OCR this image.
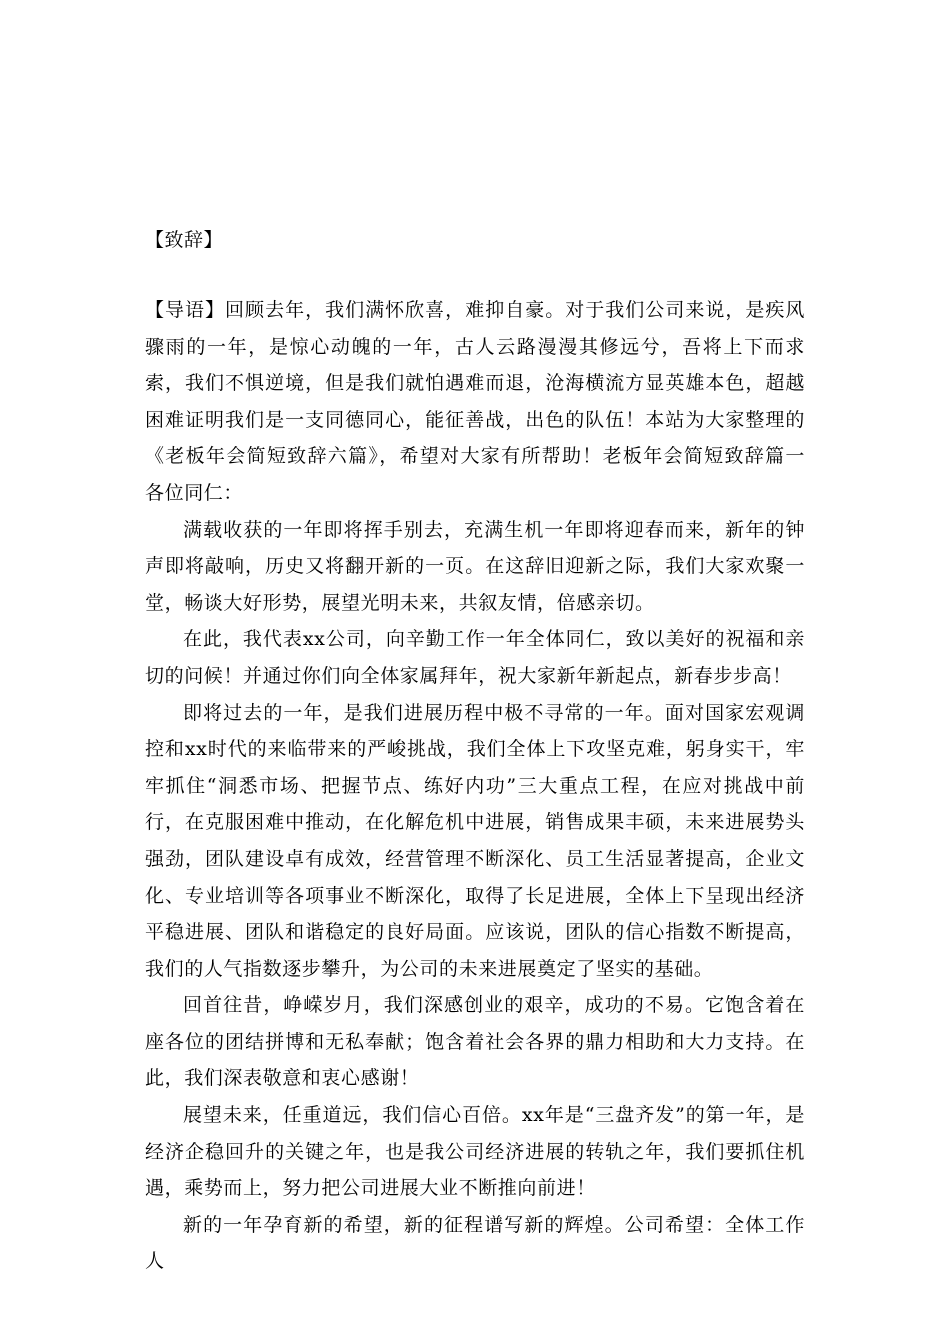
【致辞】

【导语】回顾去年，我们满怀欣喜，难抑自豪。对于我们公司来说，是疾风骤雨的一年，是惊心动魄的一年，古人云路漫漫其修远兮，吾将上下而求索，我们不惧逆境，但是我们就怕遇难而退，沧海横流方显英雄本色，超越困难证明我们是一支同德同心，能征善战，出色的队伍！本站为大家整理的《老板年会简短致辞六篇》，希望对大家有所帮助！老板年会简短致辞篇一　　各位同仁：

满载收获的一年即将挥手别去，充满生机一年即将迎春而来，新年的钟声即将敲响，历史又将翻开新的一页。在这辞旧迎新之际，我们大家欢聚一堂，畅谈大好形势，展望光明未来，共叙友情，倍感亲切。

在此，我代表xx公司，向辛勤工作一年全体同仁，致以美好的祝福和亲切的问候！并通过你们向全体家属拜年，祝大家新年新起点，新春步步高！

即将过去的一年，是我们进展历程中极不寻常的一年。面对国家宏观调控和xx时代的来临带来的严峻挑战，我们全体上下攻坚克难，躬身实干，牢牢抓住“洞悉市场、把握节点、练好内功”三大重点工程，在应对挑战中前行，在克服困难中推动，在化解危机中进展，销售成果丰硕，未来进展势头强劲，团队建设卓有成效，经营管理不断深化、员工生活显著提高，企业文化、专业培训等各项事业不断深化，取得了长足进展，全体上下呈现出经济平稳进展、团队和谐稳定的良好局面。应该说，团队的信心指数不断提高，我们的人气指数逐步攀升，为公司的未来进展奠定了坚实的基础。

回首往昔，峥嵘岁月，我们深感创业的艰辛，成功的不易。它饱含着在座各位的团结拼博和无私奉献；饱含着社会各界的鼎力相助和大力支持。在此，我们深表敬意和衷心感谢！

展望未来，任重道远，我们信心百倍。xx年是“三盘齐发”的第一年，是经济企稳回升的关键之年，也是我公司经济进展的转轨之年，我们要抓住机遇，乘势而上，努力把公司进展大业不断推向前进！

新的一年孕育新的希望，新的征程谱写新的辉煌。公司希望：全体工作人
